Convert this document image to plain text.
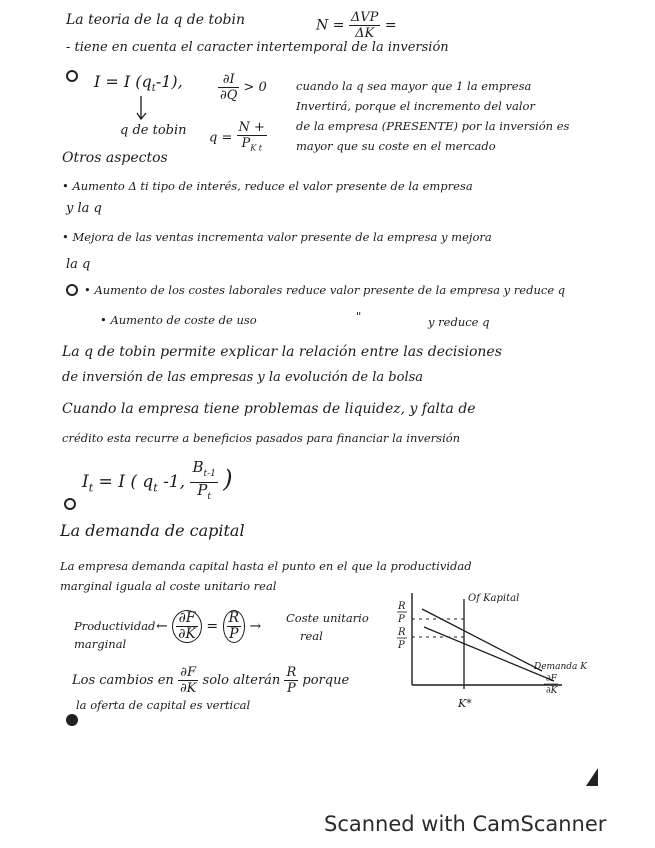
La teoria de la q de tobin	$N = \frac{\text{ΔVP}}{\Delta K}$ =
- tiene en cuenta el caracter intertemporal de la inversión
I = I $(q_t-1)$,	$\frac{\partial I}{\partial Q} > 0$
q de tobin $q = \frac{N +}{P_{K t}}$
cuando la q sea mayor que 1 la empresa
Invertirá, porque el incremento del valor
de la empresa (PRESENTE) por la inversión es
mayor que su coste en el mercado
Otros aspectos
• Aumento Δ ti tipo de interés, reduce el valor presente de la empresa
y la q
• Mejora de las ventas incrementa valor presente de la empresa y mejora
la q
• Aumento de los costes laborales reduce valor presente de la empresa y reduce q
• Aumento de coste de uso	"	y reduce q
La q de tobin permite explicar la relación entre las decisiones
de inversión de las empresas y la evolución de la bolsa
Cuando la empresa tiene problemas de liquidez, y falta de
crédito esta recurre a beneficios pasados para financiar la inversión
$I_t = I$ ( $q_t$ -1, $\frac{B_{t-1}}{P_t}$ )
La demanda de capital
La empresa demanda capital hasta el punto en el que la productividad
marginal iguala al coste unitario real
Productividad
marginal
← $\frac{\partial F}{\partial K} = \frac{R}{P}$ →
Coste unitario
real
Los cambios en $\frac{\partial F}{\partial K}$ solo alterán $\frac{R}{P}$ porque
la oferta de capital es vertical
R
P
R
P
Of Kapital
Demanda K
∂F
∂K
K*
Scanned with CamScanner
